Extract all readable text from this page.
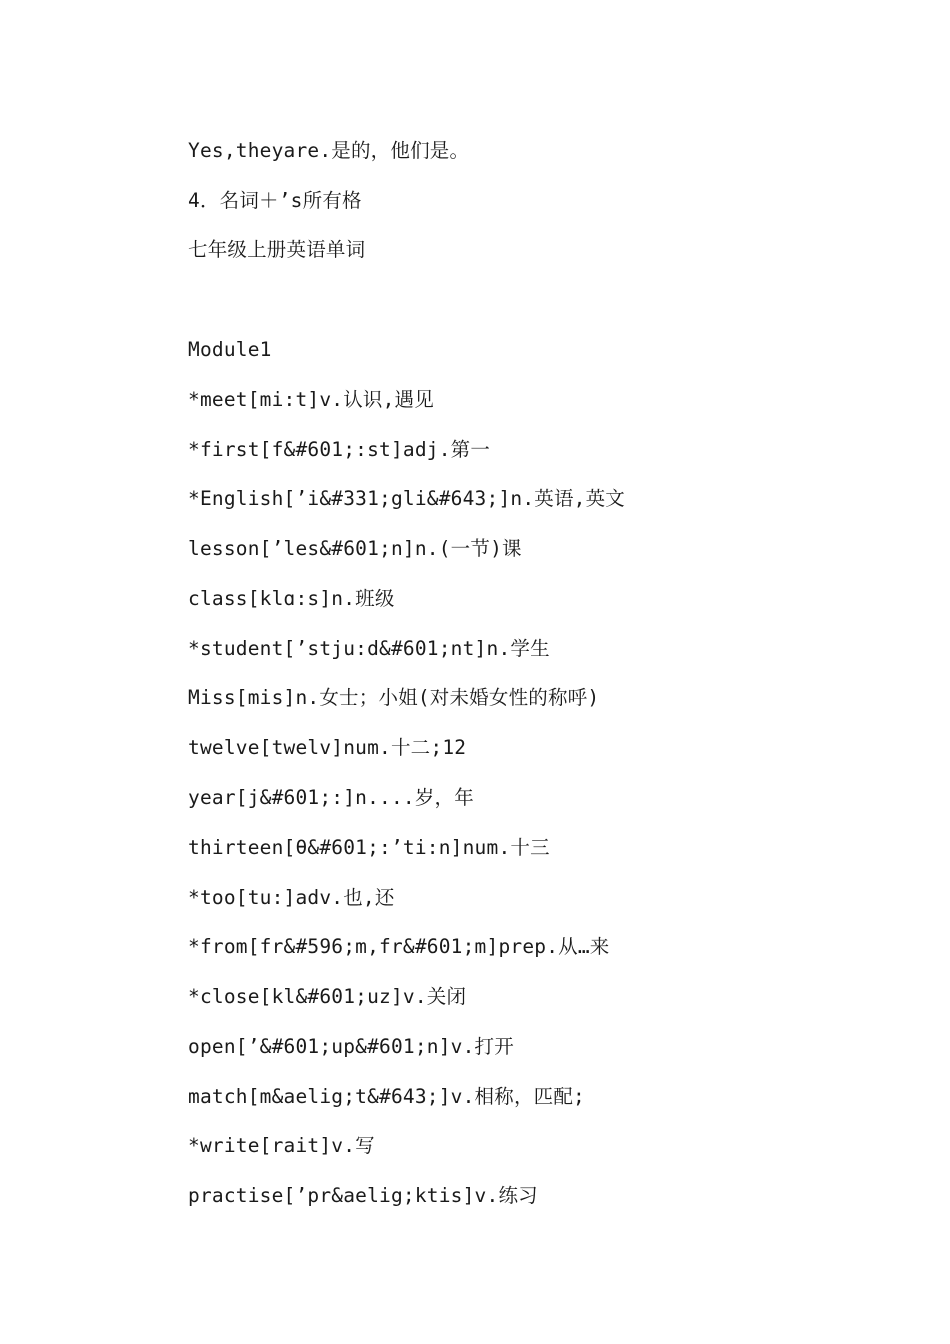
Yes,theyare.是的，他们是。
4．名词＋’s所有格
七年级上册英语单词
Module1
*meet[mi:t]v.认识,遇见
*first[f&#601;:st]adj.第一
*English[’i&#331;gli&#643;]n.英语,英文
lesson[’les&#601;n]n.(一节)课
class[klɑ:s]n.班级
*student[’stju:d&#601;nt]n.学生
Miss[mis]n.女士；小姐(对未婚女性的称呼)
twelve[twelv]num.十二;12
year[j&#601;:]n....岁，年
thirteen[θ&#601;:’ti:n]num.十三
*too[tu:]adv.也,还
*from[fr&#596;m,fr&#601;m]prep.从…来
*close[kl&#601;uz]v.关闭
open[’&#601;up&#601;n]v.打开
match[m&aelig;t&#643;]v.相称，匹配;
*write[rait]v.写
practise[’pr&aelig;ktis]v.练习
